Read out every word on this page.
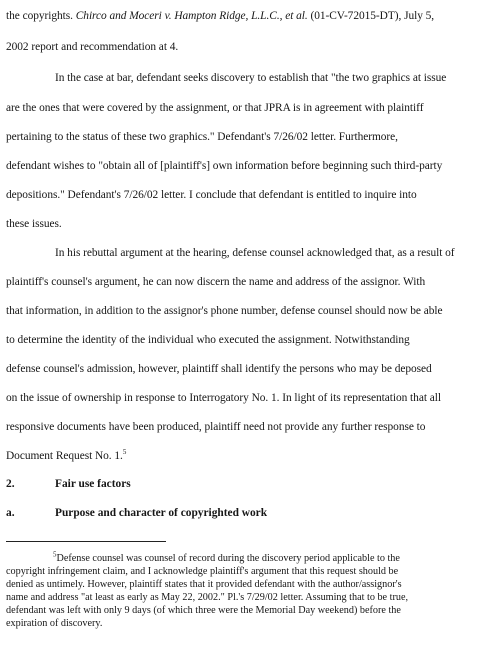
the copyrights. Chirco and Moceri v. Hampton Ridge, L.L.C., et al. (01-CV-72015-DT), July 5,
2002 report and recommendation at 4.
In the case at bar, defendant seeks discovery to establish that "the two graphics at issue
are the ones that were covered by the assignment, or that JPRA is in agreement with plaintiff
pertaining to the status of these two graphics." Defendant's 7/26/02 letter. Furthermore,
defendant wishes to "obtain all of [plaintiff's] own information before beginning such third-party
depositions." Defendant's 7/26/02 letter. I conclude that defendant is entitled to inquire into
these issues.
In his rebuttal argument at the hearing, defense counsel acknowledged that, as a result of
plaintiff's counsel's argument, he can now discern the name and address of the assignor. With
that information, in addition to the assignor's phone number, defense counsel should now be able
to determine the identity of the individual who executed the assignment. Notwithstanding
defense counsel's admission, however, plaintiff shall identify the persons who may be deposed
on the issue of ownership in response to Interrogatory No. 1. In light of its representation that all
responsive documents have been produced, plaintiff need not provide any further response to
Document Request No. 1.$^5$
2.	Fair use factors
a.	Purpose and character of copyrighted work
$^5$Defense counsel was counsel of record during the discovery period applicable to the
copyright infringement claim, and I acknowledge plaintiff's argument that this request should be
denied as untimely. However, plaintiff states that it provided defendant with the author/assignor's
name and address "at least as early as May 22, 2002." Pl.'s 7/29/02 letter. Assuming that to be true,
defendant was left with only 9 days (of which three were the Memorial Day weekend) before the
expiration of discovery.
